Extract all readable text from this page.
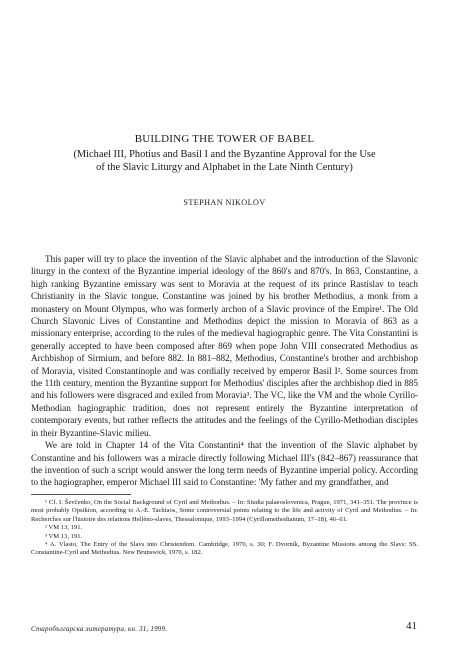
BUILDING THE TOWER OF BABEL
(Michael III, Photius and Basil I and the Byzantine Approval for the Use
of the Slavic Liturgy and Alphabet in the Late Ninth Century)
STEPHAN NIKOLOV

This paper will try to place the invention of the Slavic alphabet and the introduction of the Slavonic liturgy in the context of the Byzantine imperial ideology of the 860's and 870's. In 863, Constantine, a high ranking Byzantine emissary was sent to Moravia at the request of its prince Rastislav to teach Christianity in the Slavic tongue. Constantine was joined by his brother Methodius, a monk from a monastery on Mount Olympus, who was formerly archon of a Slavic province of the Empire¹. The Old Church Slavonic Lives of Constantine and Methodius depict the mission to Moravia of 863 as a missionary enterprise, according to the rules of the medieval hagiographic genre. The Vita Constantini is generally accepted to have been composed after 869 when pope John VIII consecrated Methodius as Archbishop of Sirmium, and before 882. In 881–882, Methodius, Constantine's brother and archbishop of Moravia, visited Constantinople and was cordially received by emperor Basil I². Some sources from the 11th century, mention the Byzantine support for Methodius' disciples after the archbishop died in 885 and his followers were disgraced and exiled from Moravia³. The VC, like the VM and the whole Cyrillo-Methodian hagiographic tradition, does not represent entirely the Byzantine interpretation of contemporary events, but rather reflects the attitudes and the feelings of the Cyrillo-Methodian disciples in their Byzantine-Slavic milieu.

We are told in Chapter 14 of the Vita Constantini⁴ that the invention of the Slavic alphabet by Constantine and his followers was a miracle directly following Michael III's (842–867) reassurance that the invention of such a script would answer the long term needs of Byzantine imperial policy. According to the hagiographer, emperor Michael III said to Constantine: 'My father and my grandfather, and

¹ Cf. I. Ševčenko, On the Social Background of Cyril and Methodius. – In: Studia palaeoslovenica, Prague, 1971, 341–351. The province is most probably Opsikion, according to A.-E. Tachiaos, Some controversial points relating to the life and activity of Cyril and Methodius. – In: Recherches sur l'histoire des relations Hellèno-slaves, Thessalonique, 1993–1994 (Cyrillomethodianum, 17–18), 46–61.

² VM 13, 191.

³ VM 13, 191.

⁴ A. Vlasto, The Entry of the Slavs into Christendom. Cambridge, 1970, s. 30; F. Dvorník, Byzantine Missions among the Slavs: SS. Constantine-Cyril and Methodius. New Brunswick, 1970, s. 182.

Старобългарска литература, кн. 31, 1999.	41
